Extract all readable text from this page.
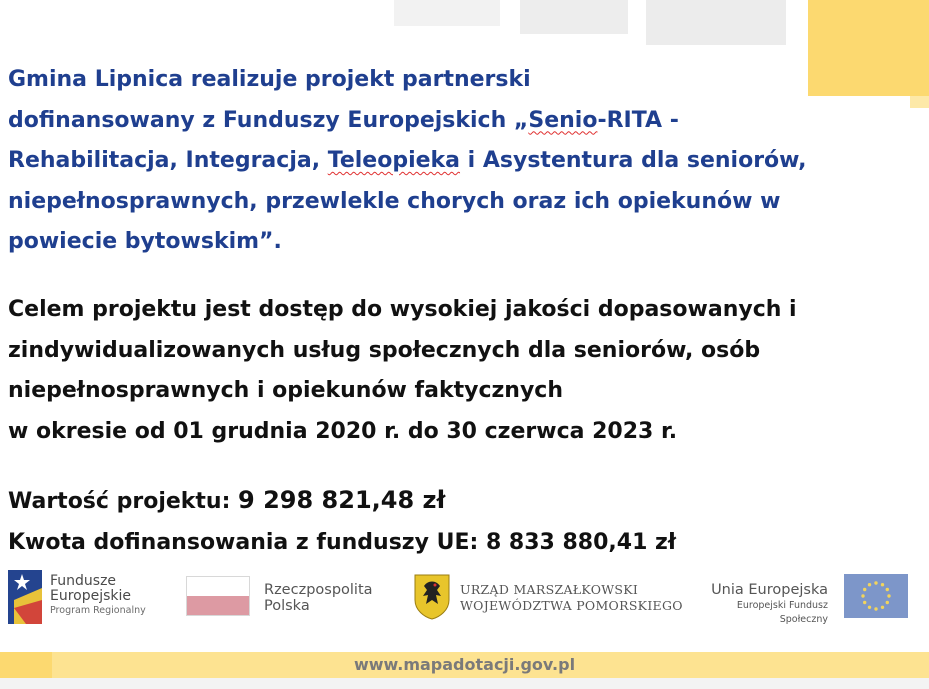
Gmina Lipnica realizuje projekt partnerski
dofinansowany z Funduszy Europejskich „Senio-RITA -
Rehabilitacja, Integracja, Teleopieka i Asystentura dla seniorów,
niepełnosprawnych, przewlekle chorych oraz ich opiekunów w
powiecie bytowskim”.
Celem projektu jest dostęp do wysokiej jakości dopasowanych i
zindywidualizowanych usług społecznych dla seniorów, osób
niepełnosprawnych i opiekunów faktycznych
w okresie od 01 grudnia 2020 r. do 30 czerwca 2023 r.
Wartość projektu: 9 298 821,48 zł
Kwota dofinansowania z funduszy UE: 8 833 880,41 zł
Fundusze
Europejskie
Program Regionalny
Rzeczpospolita
Polska
URZĄD MARSZAŁKOWSKI
WOJEWÓDZTWA POMORSKIEGO
Unia Europejska
Europejski Fundusz Społeczny
www.mapadotacji.gov.pl
